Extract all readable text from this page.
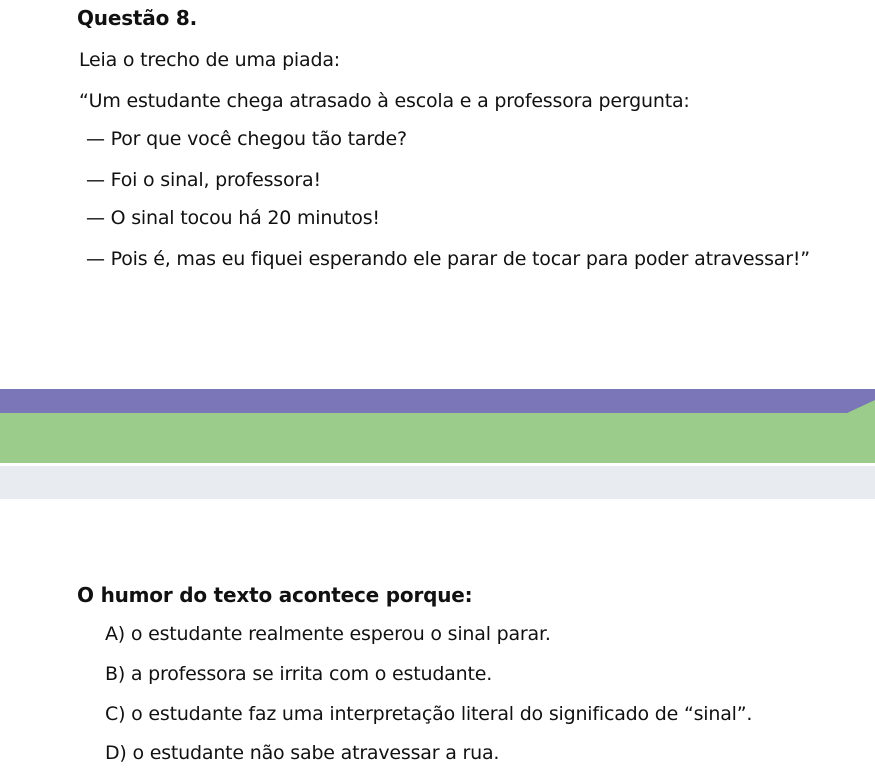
Questão 8.
Leia o trecho de uma piada:
“Um estudante chega atrasado à escola e a professora pergunta:
— Por que você chegou tão tarde?
— Foi o sinal, professora!
— O sinal tocou há 20 minutos!
— Pois é, mas eu fiquei esperando ele parar de tocar para poder atravessar!”
O humor do texto acontece porque:
A) o estudante realmente esperou o sinal parar.
B) a professora se irrita com o estudante.
C) o estudante faz uma interpretação literal do significado de “sinal”.
D) o estudante não sabe atravessar a rua.
